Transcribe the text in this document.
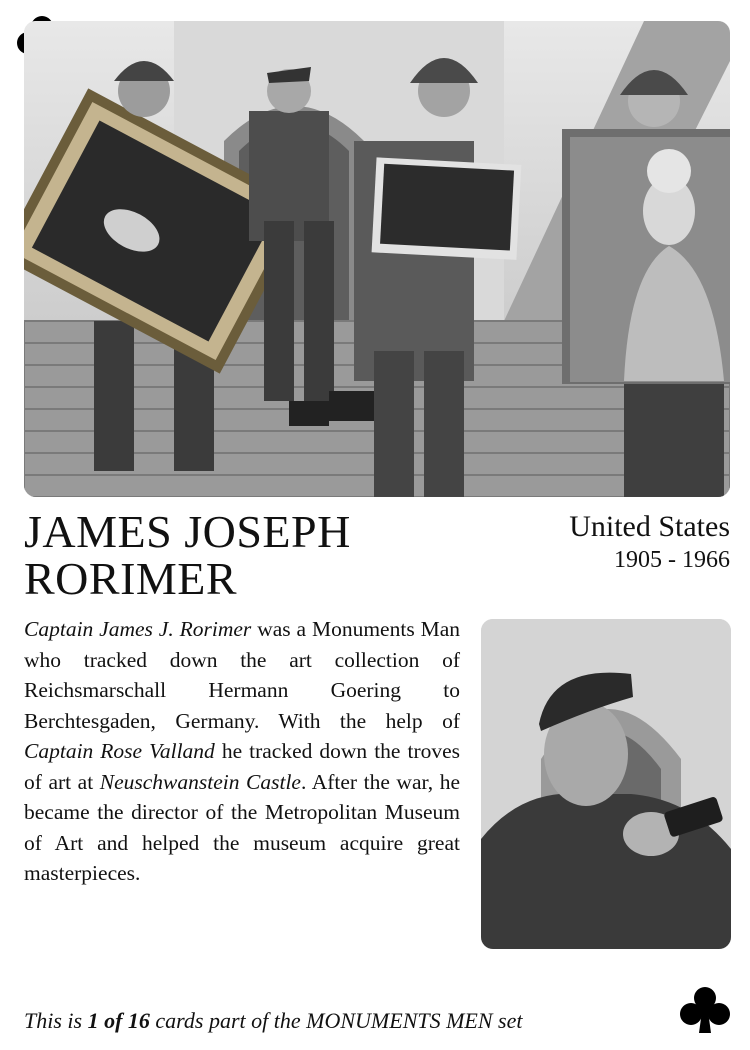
JAMES JOSEPH
RORIMER
United States
1905 - 1966

Captain James J. Rorimer was a Monuments Man who tracked down the art collection of Reichsmarschall Hermann Goering to Berchtesgaden, Germany. With the help of Captain Rose Valland he tracked down the troves of art at Neuschwanstein Castle. After the war, he became the director of the Metropolitan Museum of Art and helped the museum acquire great masterpieces.

This is 1 of 16 cards part of the MONUMENTS MEN set
